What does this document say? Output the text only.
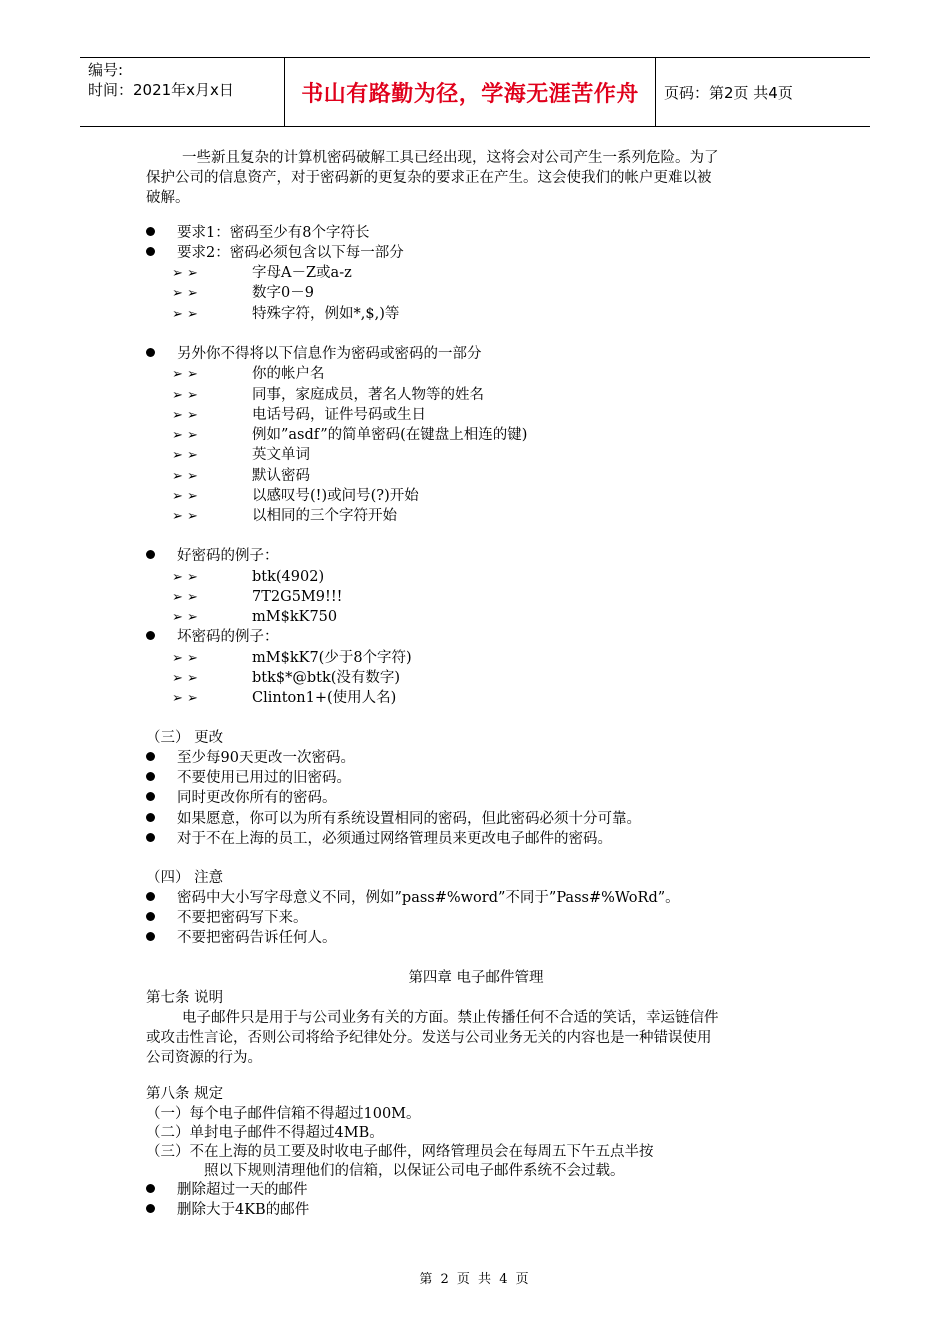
编号:
时间：2021年x月x日	书山有路勤为径，学海无涯苦作舟	页码：第2页 共4页
一些新且复杂的计算机密码破解工具已经出现，这将会对公司产生一系列危险。为了
保护公司的信息资产，对于密码新的更复杂的要求正在产生。这会使我们的帐户更难以被
破解。
要求1：密码至少有8个字符长
要求2：密码必须包含以下每一部分
➢ ➢	字母A－Z或a-z
➢ ➢	数字0－9
➢ ➢	特殊字符，例如*,$,)等
另外你不得将以下信息作为密码或密码的一部分
➢ ➢	你的帐户名
➢ ➢	同事，家庭成员，著名人物等的姓名
➢ ➢	电话号码，证件号码或生日
➢ ➢	例如”asdf”的简单密码(在键盘上相连的键)
➢ ➢	英文单词
➢ ➢	默认密码
➢ ➢	以感叹号(!)或问号(?)开始
➢ ➢	以相同的三个字符开始
好密码的例子：
➢ ➢	btk(4902)
➢ ➢	7T2G5M9!!!
➢ ➢	mM$kK750
坏密码的例子：
➢ ➢	mM$kK7(少于8个字符)
➢ ➢	btk$*@btk(没有数字)
➢ ➢	Clinton1+(使用人名)
（三） 更改
至少每90天更改一次密码。
不要使用已用过的旧密码。
同时更改你所有的密码。
如果愿意，你可以为所有系统设置相同的密码，但此密码必须十分可靠。
对于不在上海的员工，必须通过网络管理员来更改电子邮件的密码。
（四） 注意
密码中大小写字母意义不同，例如”pass#%word”不同于”Pass#%WoRd”。
不要把密码写下来。
不要把密码告诉任何人。
第四章 电子邮件管理
第七条 说明
电子邮件只是用于与公司业务有关的方面。禁止传播任何不合适的笑话，幸运链信件
或攻击性言论，否则公司将给予纪律处分。发送与公司业务无关的内容也是一种错误使用
公司资源的行为。
第八条 规定
（一）每个电子邮件信箱不得超过100M。
（二）单封电子邮件不得超过4MB。
（三）不在上海的员工要及时收电子邮件，网络管理员会在每周五下午五点半按
照以下规则清理他们的信箱，以保证公司电子邮件系统不会过载。
删除超过一天的邮件
删除大于4KB的邮件
第 2 页 共 4 页
